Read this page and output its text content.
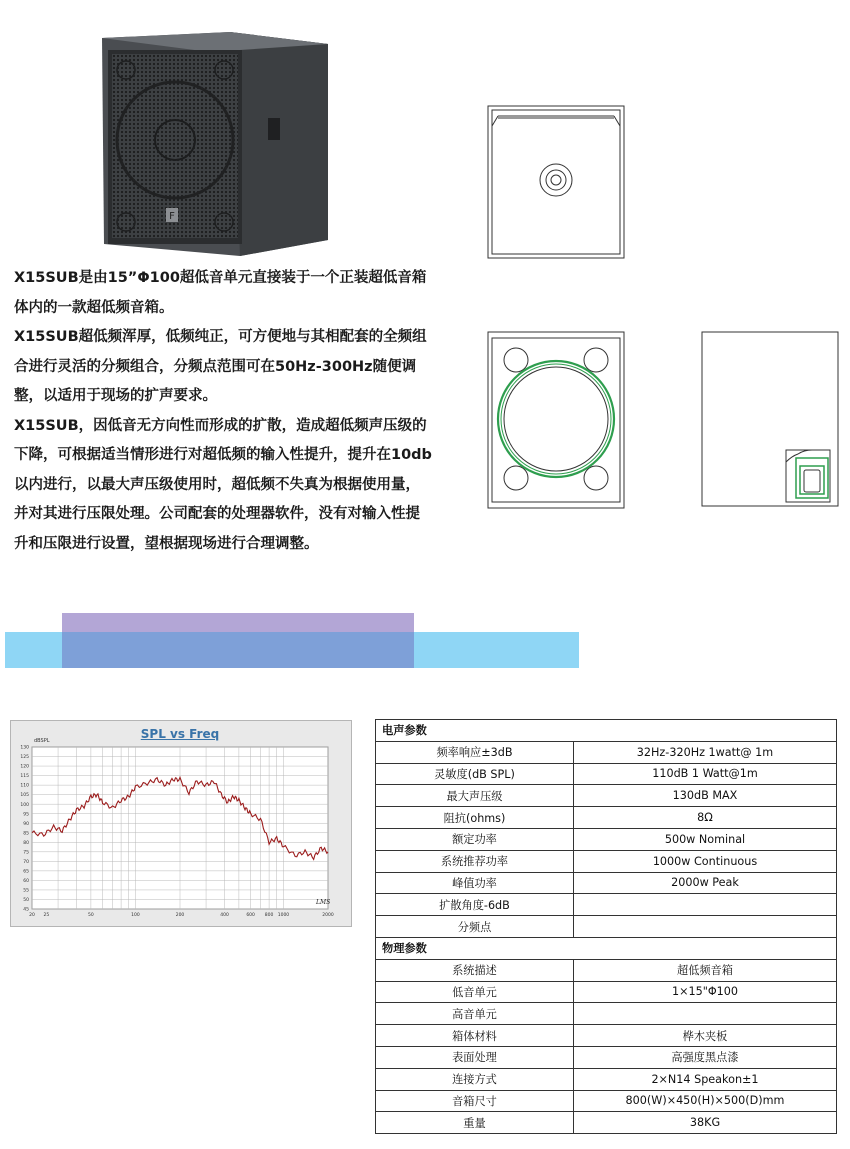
F

X15SUB是由15”Φ100超低音单元直接装于一个正装超低音箱体内的一款超低频音箱。

X15SUB超低频浑厚，低频纯正，可方便地与其相配套的全频组合进行灵活的分频组合，分频点范围可在50Hz-300Hz随便调整，以适用于现场的扩声要求。

X15SUB，因低音无方向性而形成的扩散，造成超低频声压级的下降，可根据适当情形进行对超低频的输入性提升，提升在10db以内进行，以最大声压级使用时，超低频不失真为根据使用量，并对其进行压限处理。公司配套的处理器软件，没有对输入性提升和压限进行设置，望根据现场进行合理调整。

SPL vs Freq
130
125
120
115
110
105
100
95
90
85
80
75
70
65
60
55
50
45
20 25	50	100	200	400	600 800 1000	2000
dBSPL
LMS
电声参数	
频率响应±3dB	32Hz-320Hz 1watt@ 1m
灵敏度(dB SPL)	110dB 1 Watt@1m
最大声压级	130dB MAX
阻抗(ohms)	8Ω
额定功率	500w Nominal
系统推荐功率	1000w Continuous
峰值功率	2000w Peak
扩散角度-6dB	
分频点	
物理参数	
系统描述	超低频音箱
低音单元	1×15"Φ100
高音单元	
箱体材料	桦木夹板
表面处理	高强度黑点漆
连接方式	2×N14 Speakon±1
音箱尺寸	800(W)×450(H)×500(D)mm
重量	38KG
